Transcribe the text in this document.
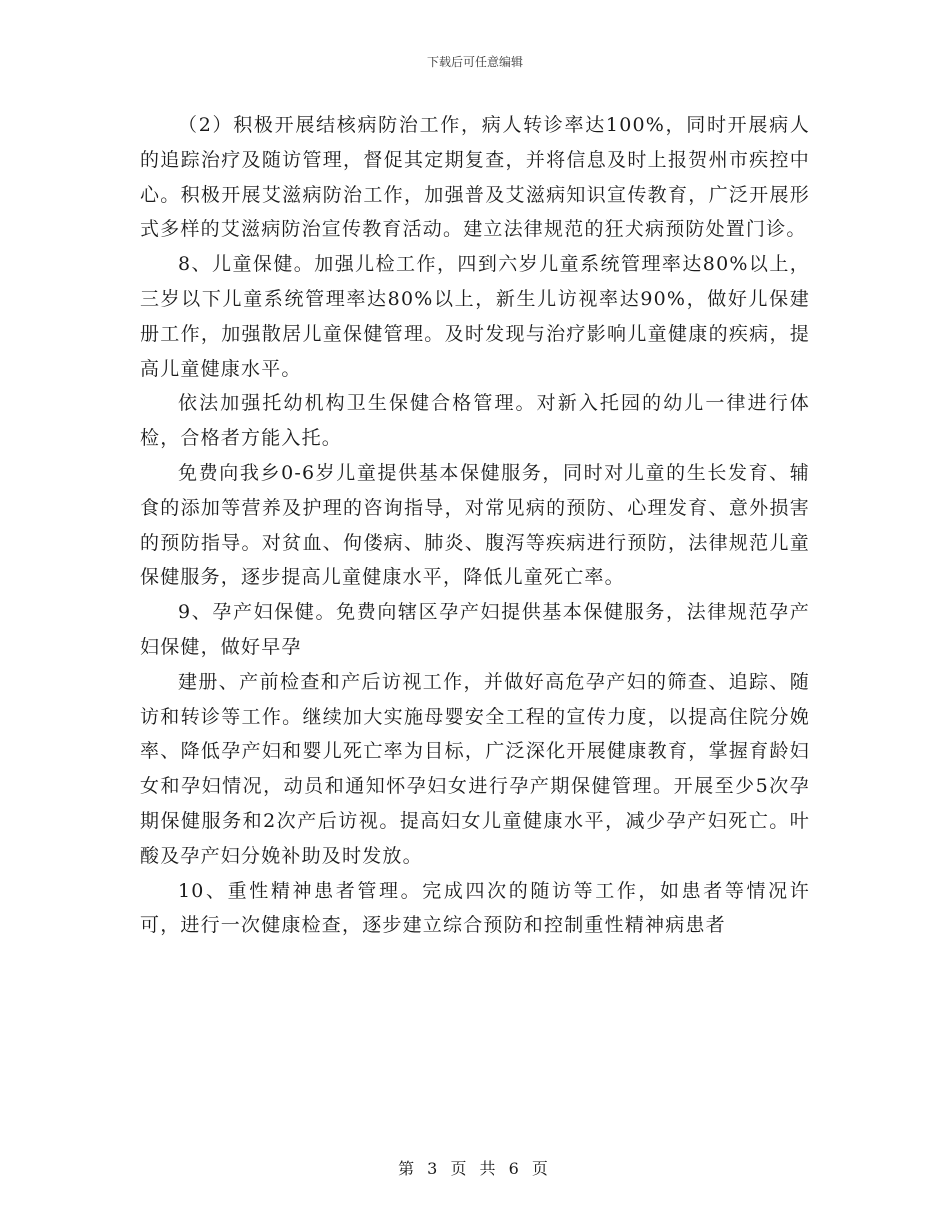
下载后可任意编辑

（2）积极开展结核病防治工作，病人转诊率达100%，同时开展病人的追踪治疗及随访管理，督促其定期复查，并将信息及时上报贺州市疾控中心。积极开展艾滋病防治工作，加强普及艾滋病知识宣传教育，广泛开展形式多样的艾滋病防治宣传教育活动。建立法律规范的狂犬病预防处置门诊。

8、儿童保健。加强儿检工作，四到六岁儿童系统管理率达80%以上，三岁以下儿童系统管理率达80%以上，新生儿访视率达90%，做好儿保建册工作，加强散居儿童保健管理。及时发现与治疗影响儿童健康的疾病，提高儿童健康水平。

依法加强托幼机构卫生保健合格管理。对新入托园的幼儿一律进行体检，合格者方能入托。

免费向我乡0-6岁儿童提供基本保健服务，同时对儿童的生长发育、辅食的添加等营养及护理的咨询指导，对常见病的预防、心理发育、意外损害的预防指导。对贫血、佝偻病、肺炎、腹泻等疾病进行预防，法律规范儿童保健服务，逐步提高儿童健康水平，降低儿童死亡率。

9、孕产妇保健。免费向辖区孕产妇提供基本保健服务，法律规范孕产妇保健，做好早孕

建册、产前检查和产后访视工作，并做好高危孕产妇的筛查、追踪、随访和转诊等工作。继续加大实施母婴安全工程的宣传力度，以提高住院分娩率、降低孕产妇和婴儿死亡率为目标，广泛深化开展健康教育，掌握育龄妇女和孕妇情况，动员和通知怀孕妇女进行孕产期保健管理。开展至少5次孕期保健服务和2次产后访视。提高妇女儿童健康水平，减少孕产妇死亡。叶酸及孕产妇分娩补助及时发放。

10、重性精神患者管理。完成四次的随访等工作，如患者等情况许可，进行一次健康检查，逐步建立综合预防和控制重性精神病患者

第 3 页 共 6 页
